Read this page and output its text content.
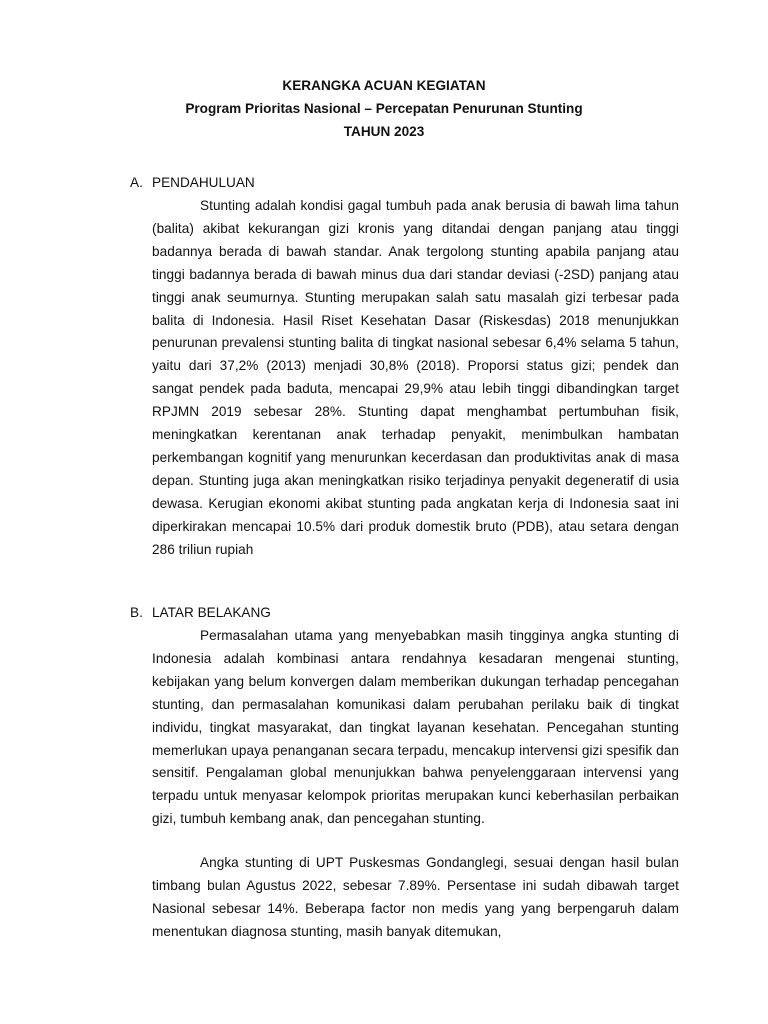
KERANGKA ACUAN KEGIATAN
Program Prioritas Nasional – Percepatan Penurunan Stunting
TAHUN 2023
A. PENDAHULUAN

Stunting adalah kondisi gagal tumbuh pada anak berusia di bawah lima tahun (balita) akibat kekurangan gizi kronis yang ditandai dengan panjang atau tinggi badannya berada di bawah standar. Anak tergolong stunting apabila panjang atau tinggi badannya berada di bawah minus dua dari standar deviasi (-2SD) panjang atau tinggi anak seumurnya. Stunting merupakan salah satu masalah gizi terbesar pada balita di Indonesia. Hasil Riset Kesehatan Dasar (Riskesdas) 2018 menunjukkan penurunan prevalensi stunting balita di tingkat nasional sebesar 6,4% selama 5 tahun, yaitu dari 37,2% (2013) menjadi 30,8% (2018). Proporsi status gizi; pendek dan sangat pendek pada baduta, mencapai 29,9% atau lebih tinggi dibandingkan target RPJMN 2019 sebesar 28%. Stunting dapat menghambat pertumbuhan fisik, meningkatkan kerentanan anak terhadap penyakit, menimbulkan hambatan perkembangan kognitif yang menurunkan kecerdasan dan produktivitas anak di masa depan. Stunting juga akan meningkatkan risiko terjadinya penyakit degeneratif di usia dewasa. Kerugian ekonomi akibat stunting pada angkatan kerja di Indonesia saat ini diperkirakan mencapai 10.5% dari produk domestik bruto (PDB), atau setara dengan 286 triliun rupiah

B. LATAR BELAKANG

Permasalahan utama yang menyebabkan masih tingginya angka stunting di Indonesia adalah kombinasi antara rendahnya kesadaran mengenai stunting, kebijakan yang belum konvergen dalam memberikan dukungan terhadap pencegahan stunting, dan permasalahan komunikasi dalam perubahan perilaku baik di tingkat individu, tingkat masyarakat, dan tingkat layanan kesehatan. Pencegahan stunting memerlukan upaya penanganan secara terpadu, mencakup intervensi gizi spesifik dan sensitif. Pengalaman global menunjukkan bahwa penyelenggaraan intervensi yang terpadu untuk menyasar kelompok prioritas merupakan kunci keberhasilan perbaikan gizi, tumbuh kembang anak, dan pencegahan stunting.

Angka stunting di UPT Puskesmas Gondanglegi, sesuai dengan hasil bulan timbang bulan Agustus 2022, sebesar 7.89%. Persentase ini sudah dibawah target Nasional sebesar 14%. Beberapa factor non medis yang yang berpengaruh dalam menentukan diagnosa stunting, masih banyak ditemukan,
